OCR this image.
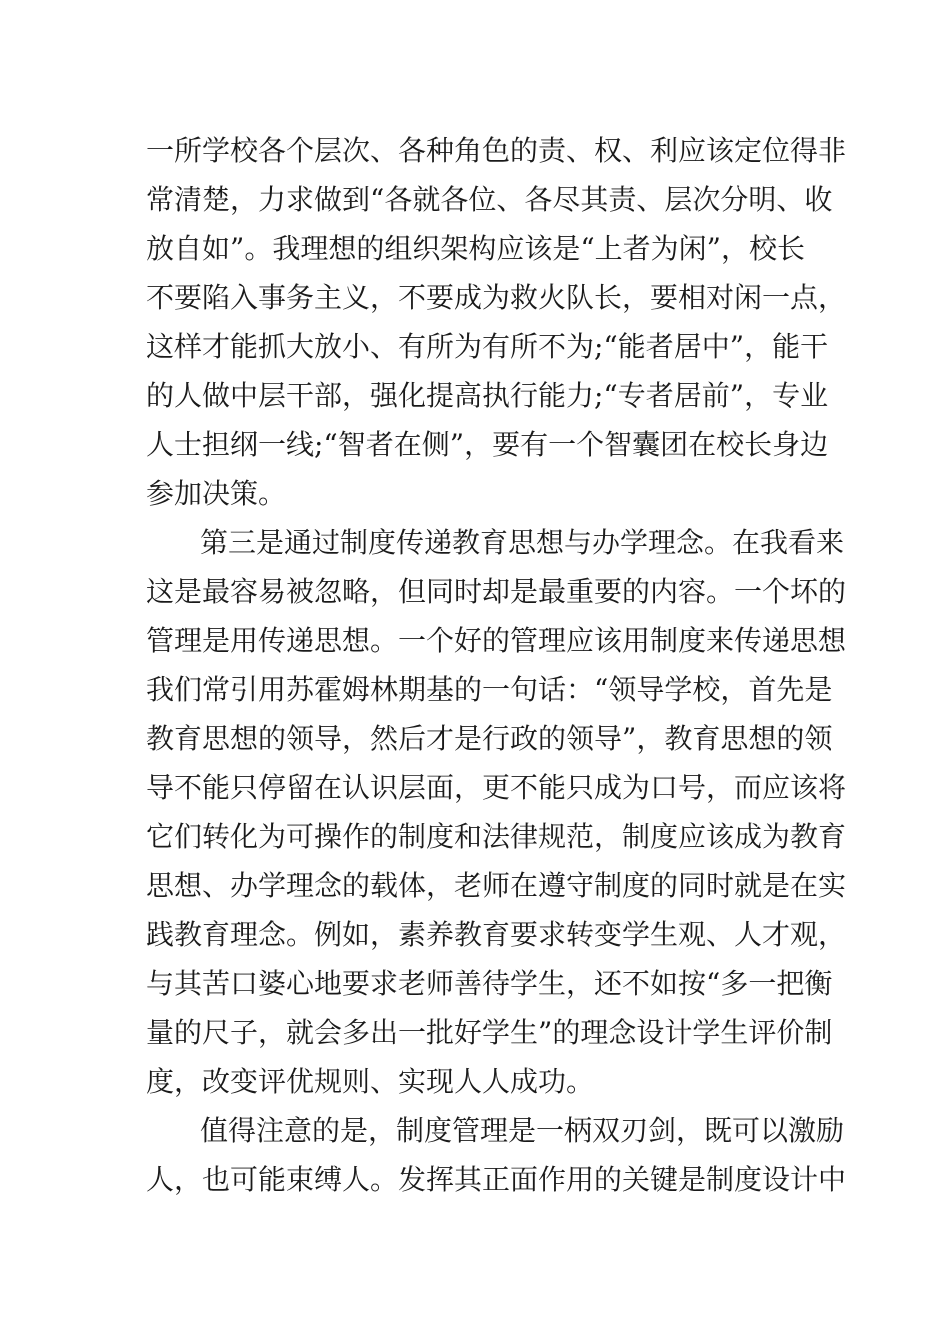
一所学校各个层次、各种角色的责、权、利应该定位得非
常清楚，力求做到“各就各位、各尽其责、层次分明、收
放自如”。我理想的组织架构应该是“上者为闲”，校长
不要陷入事务主义，不要成为救火队长，要相对闲一点，
这样才能抓大放小、有所为有所不为;“能者居中”，能干
的人做中层干部，强化提高执行能力;“专者居前”，专业
人士担纲一线;“智者在侧”，要有一个智囊团在校长身边
参加决策。
第三是通过制度传递教育思想与办学理念。在我看来
这是最容易被忽略，但同时却是最重要的内容。一个坏的
管理是用传递思想。一个好的管理应该用制度来传递思想
我们常引用苏霍姆林期基的一句话：“领导学校，首先是
教育思想的领导，然后才是行政的领导”，教育思想的领
导不能只停留在认识层面，更不能只成为口号，而应该将
它们转化为可操作的制度和法律规范，制度应该成为教育
思想、办学理念的载体，老师在遵守制度的同时就是在实
践教育理念。例如，素养教育要求转变学生观、人才观，
与其苦口婆心地要求老师善待学生，还不如按“多一把衡
量的尺子，就会多出一批好学生”的理念设计学生评价制
度，改变评优规则、实现人人成功。
值得注意的是，制度管理是一柄双刃剑，既可以激励
人，也可能束缚人。发挥其正面作用的关键是制度设计中
